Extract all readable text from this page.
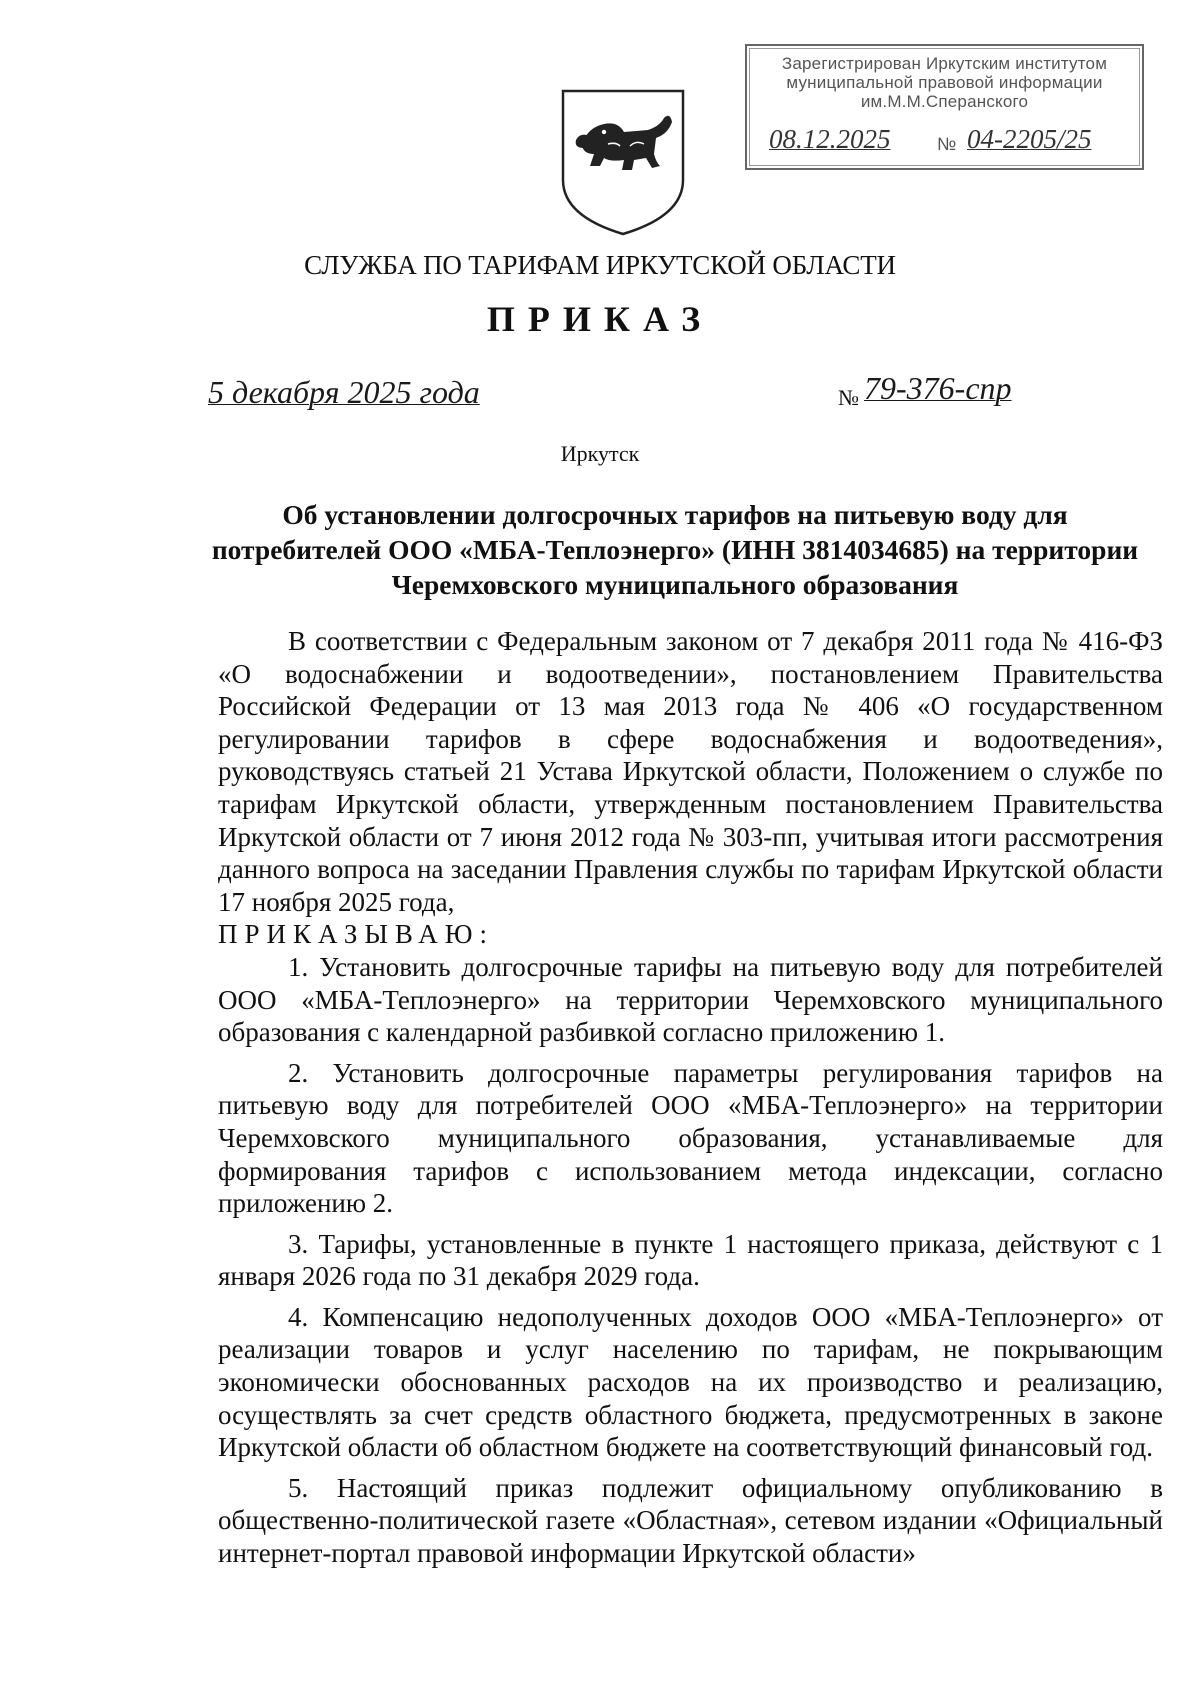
Зарегистрирован Иркутским институтом
муниципальной правовой информации
им.М.М.Сперанского
08.12.2025	№ 04-2205/25
СЛУЖБА ПО ТАРИФАМ ИРКУТСКОЙ ОБЛАСТИ
ПРИКАЗ
5 декабря 2025 года	№ 79-376-спр
Иркутск
Об установлении долгосрочных тарифов на питьевую воду для потребителей ООО «МБА-Теплоэнерго» (ИНН 3814034685) на территории Черемховского муниципального образования

В соответствии с Федеральным законом от 7 декабря 2011 года № 416-ФЗ «О водоснабжении и водоотведении», постановлением Правительства Российской Федерации от 13 мая 2013 года № 406 «О государственном регулировании тарифов в сфере водоснабжения и водоотведения», руководствуясь статьей 21 Устава Иркутской области, Положением о службе по тарифам Иркутской области, утвержденным постановлением Правительства Иркутской области от 7 июня 2012 года № 303-пп, учитывая итоги рассмотрения данного вопроса на заседании Правления службы по тарифам Иркутской области 17 ноября 2025 года,

ПРИКАЗЫВАЮ:

1. Установить долгосрочные тарифы на питьевую воду для потребителей ООО «МБА-Теплоэнерго» на территории Черемховского муниципального образования с календарной разбивкой согласно приложению 1.

2. Установить долгосрочные параметры регулирования тарифов на питьевую воду для потребителей ООО «МБА-Теплоэнерго» на территории Черемховского муниципального образования, устанавливаемые для формирования тарифов с использованием метода индексации, согласно приложению 2.

3. Тарифы, установленные в пункте 1 настоящего приказа, действуют с 1 января 2026 года по 31 декабря 2029 года.

4. Компенсацию недополученных доходов ООО «МБА-Теплоэнерго» от реализации товаров и услуг населению по тарифам, не покрывающим экономически обоснованных расходов на их производство и реализацию, осуществлять за счет средств областного бюджета, предусмотренных в законе Иркутской области об областном бюджете на соответствующий финансовый год.

5. Настоящий приказ подлежит официальному опубликованию в общественно-политической газете «Областная», сетевом издании «Официальный интернет-портал правовой информации Иркутской области»
